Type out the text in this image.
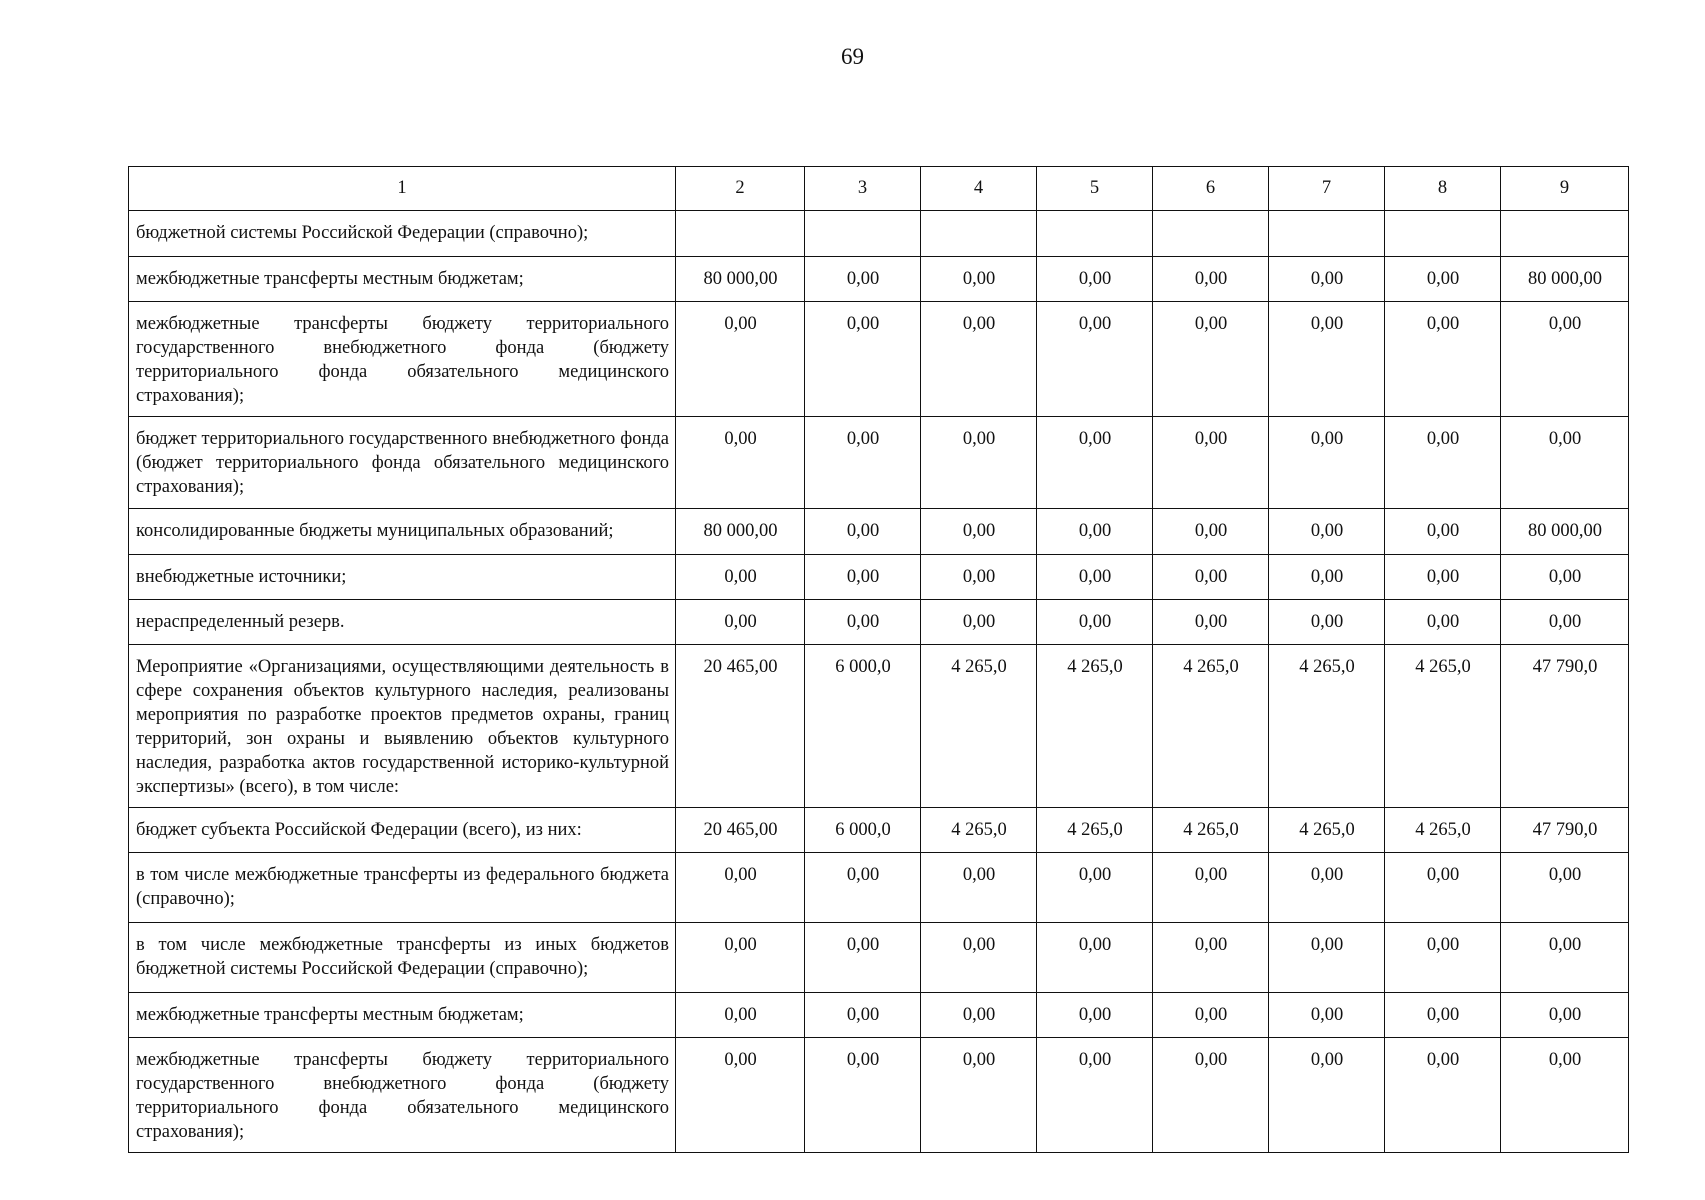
69
1	2	3	4	5	6	7	8	9
бюджетной системы Российской Федерации (справочно);								
межбюджетные трансферты местным бюджетам;	80 000,00	0,00	0,00	0,00	0,00	0,00	0,00	80 000,00
межбюджетные трансферты бюджету территориального государственного внебюджетного фонда (бюджету территориального фонда обязательного медицинского страхования);	0,00	0,00	0,00	0,00	0,00	0,00	0,00	0,00
бюджет территориального государственного внебюджетного фонда (бюджет территориального фонда обязательного медицинского страхования);	0,00	0,00	0,00	0,00	0,00	0,00	0,00	0,00
консолидированные бюджеты муниципальных образований;	80 000,00	0,00	0,00	0,00	0,00	0,00	0,00	80 000,00
внебюджетные источники;	0,00	0,00	0,00	0,00	0,00	0,00	0,00	0,00
нераспределенный резерв.	0,00	0,00	0,00	0,00	0,00	0,00	0,00	0,00
Мероприятие «Организациями, осуществляющими деятельность в сфере сохранения объектов культурного наследия, реализованы мероприятия по разработке проектов предметов охраны, границ территорий, зон охраны и выявлению объектов культурного наследия, разработка актов государственной историко-культурной экспертизы» (всего), в том числе:	20 465,00	6 000,0	4 265,0	4 265,0	4 265,0	4 265,0	4 265,0	47 790,0
бюджет субъекта Российской Федерации (всего), из них:	20 465,00	6 000,0	4 265,0	4 265,0	4 265,0	4 265,0	4 265,0	47 790,0
в том числе межбюджетные трансферты из федерального бюджета (справочно);	0,00	0,00	0,00	0,00	0,00	0,00	0,00	0,00
в том числе межбюджетные трансферты из иных бюджетов бюджетной системы Российской Федерации (справочно);	0,00	0,00	0,00	0,00	0,00	0,00	0,00	0,00
межбюджетные трансферты местным бюджетам;	0,00	0,00	0,00	0,00	0,00	0,00	0,00	0,00
межбюджетные трансферты бюджету территориального государственного внебюджетного фонда (бюджету территориального фонда обязательного медицинского страхования);	0,00	0,00	0,00	0,00	0,00	0,00	0,00	0,00
